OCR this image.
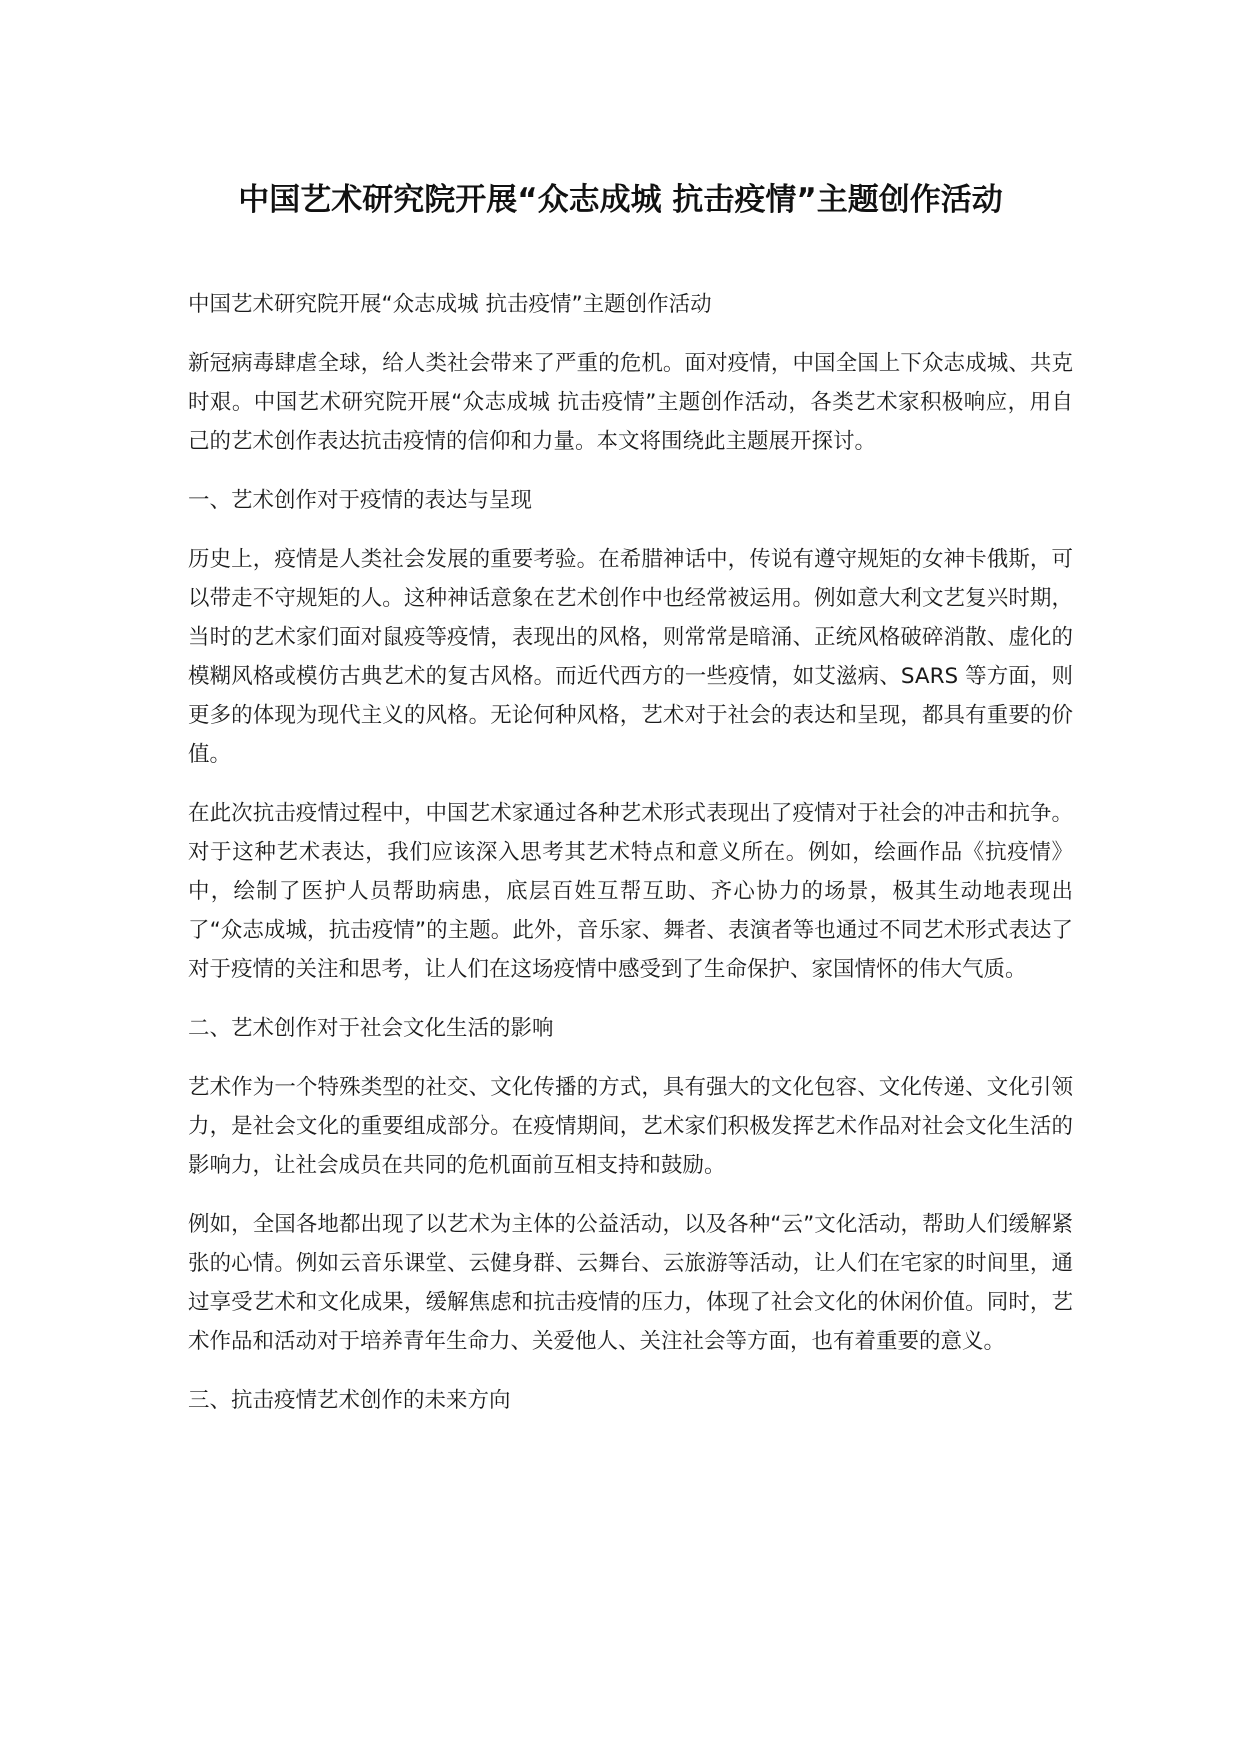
中国艺术研究院开展“众志成城 抗击疫情”主题创作活动

中国艺术研究院开展“众志成城 抗击疫情”主题创作活动

新冠病毒肆虐全球，给人类社会带来了严重的危机。面对疫情，中国全国上下众志成城、共克时艰。中国艺术研究院开展“众志成城 抗击疫情”主题创作活动，各类艺术家积极响应，用自己的艺术创作表达抗击疫情的信仰和力量。本文将围绕此主题展开探讨。

一、艺术创作对于疫情的表达与呈现

历史上，疫情是人类社会发展的重要考验。在希腊神话中，传说有遵守规矩的女神卡俄斯，可以带走不守规矩的人。这种神话意象在艺术创作中也经常被运用。例如意大利文艺复兴时期，当时的艺术家们面对鼠疫等疫情，表现出的风格，则常常是暗涌、正统风格破碎消散、虚化的模糊风格或模仿古典艺术的复古风格。而近代西方的一些疫情，如艾滋病、SARS 等方面，则更多的体现为现代主义的风格。无论何种风格，艺术对于社会的表达和呈现，都具有重要的价值。

在此次抗击疫情过程中，中国艺术家通过各种艺术形式表现出了疫情对于社会的冲击和抗争。对于这种艺术表达，我们应该深入思考其艺术特点和意义所在。例如，绘画作品《抗疫情》中，绘制了医护人员帮助病患，底层百姓互帮互助、齐心协力的场景，极其生动地表现出了“众志成城，抗击疫情”的主题。此外，音乐家、舞者、表演者等也通过不同艺术形式表达了对于疫情的关注和思考，让人们在这场疫情中感受到了生命保护、家国情怀的伟大气质。

二、艺术创作对于社会文化生活的影响

艺术作为一个特殊类型的社交、文化传播的方式，具有强大的文化包容、文化传递、文化引领力，是社会文化的重要组成部分。在疫情期间，艺术家们积极发挥艺术作品对社会文化生活的影响力，让社会成员在共同的危机面前互相支持和鼓励。

例如，全国各地都出现了以艺术为主体的公益活动，以及各种“云”文化活动，帮助人们缓解紧张的心情。例如云音乐课堂、云健身群、云舞台、云旅游等活动，让人们在宅家的时间里，通过享受艺术和文化成果，缓解焦虑和抗击疫情的压力，体现了社会文化的休闲价值。同时，艺术作品和活动对于培养青年生命力、关爱他人、关注社会等方面，也有着重要的意义。

三、抗击疫情艺术创作的未来方向
